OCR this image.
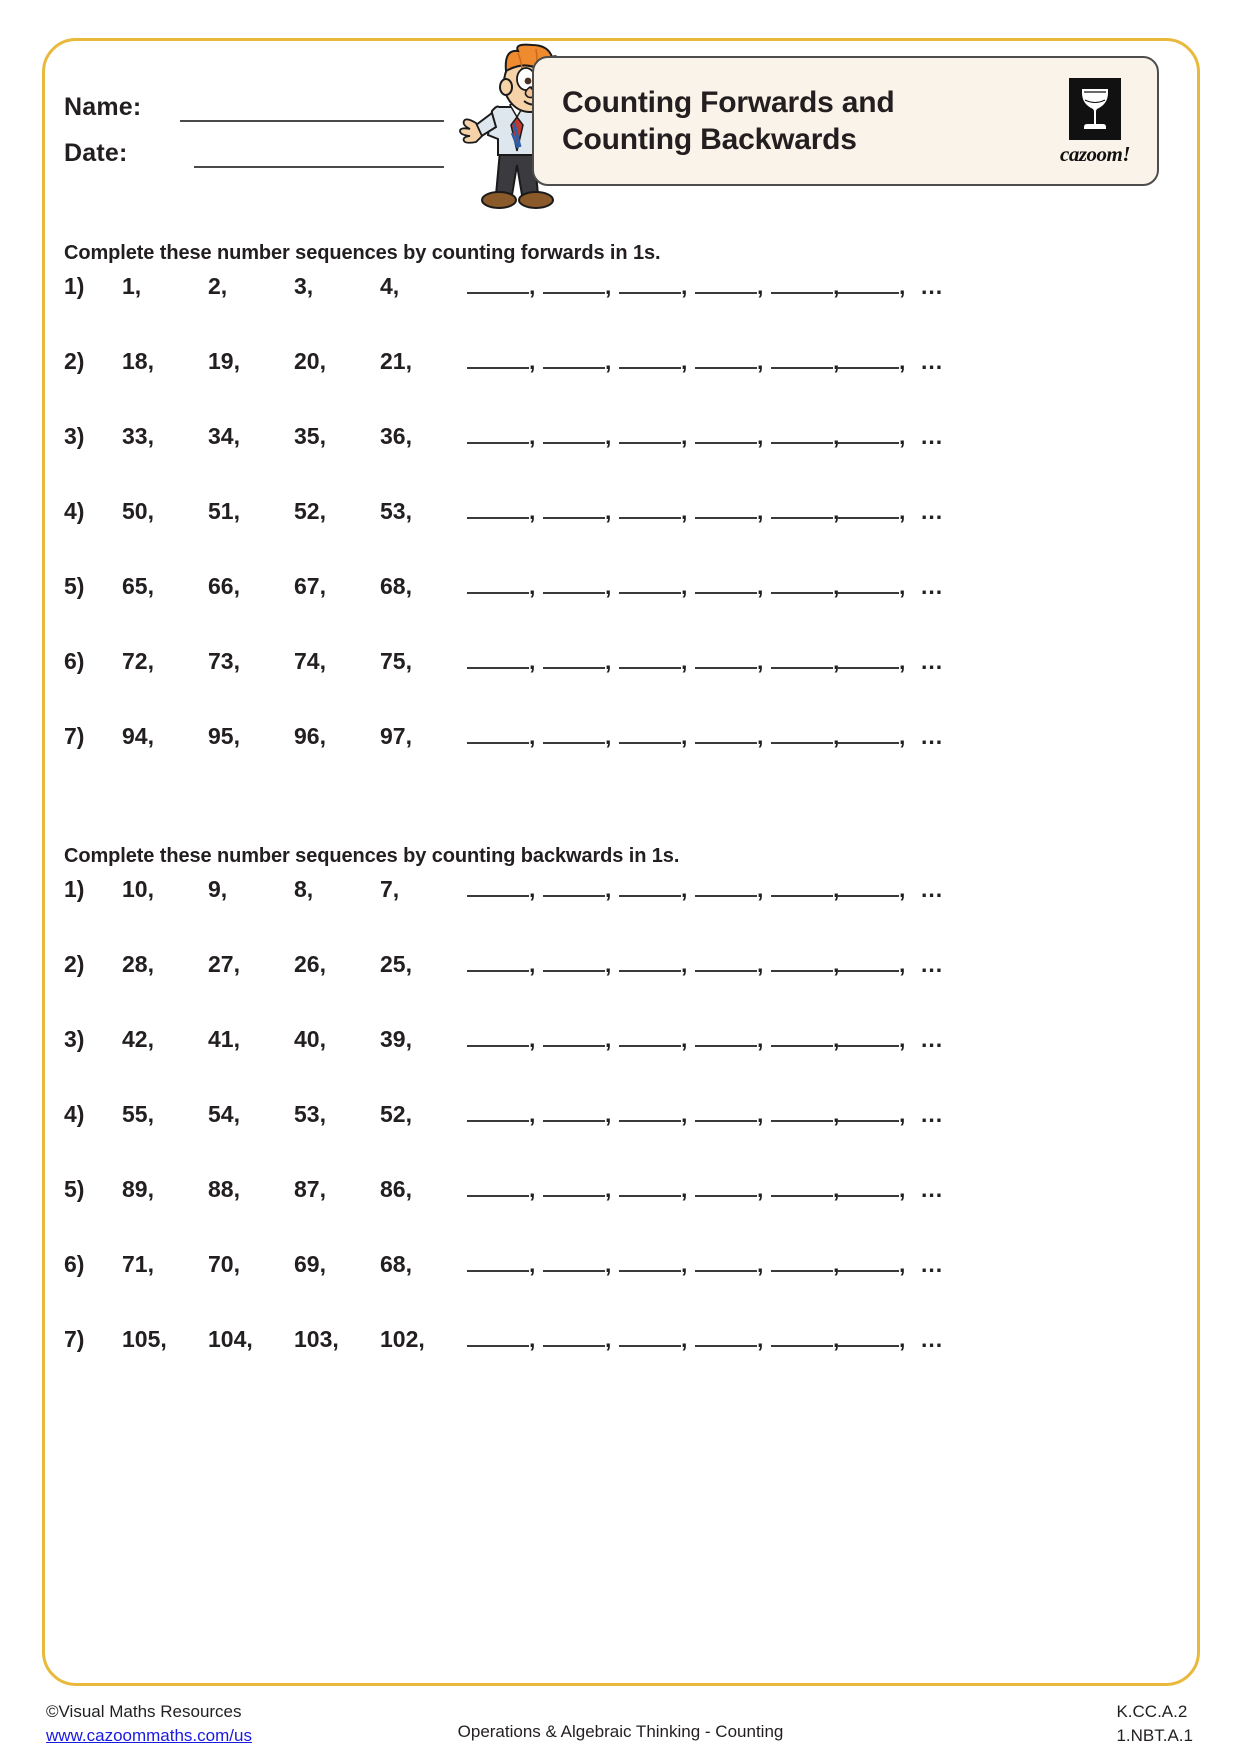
Name:
Date:
Counting Forwards and
Counting Backwards	cazoom!
Complete these number sequences by counting forwards in 1s.
1)	1,	2,	3,	4,	,	,	,	,	,	, ...
2)	18,	19,	20,	21,	,	,	,	,	,	, ...
3)	33,	34,	35,	36,	,	,	,	,	,	, ...
4)	50,	51,	52,	53,	,	,	,	,	,	, ...
5)	65,	66,	67,	68,	,	,	,	,	,	, ...
6)	72,	73,	74,	75,	,	,	,	,	,	, ...
7)	94,	95,	96,	97,	,	,	,	,	,	, ...
Complete these number sequences by counting backwards in 1s.
1)	10,	9,	8,	7,	,	,	,	,	,	, ...
2)	28,	27,	26,	25,	,	,	,	,	,	, ...
3)	42,	41,	40,	39,	,	,	,	,	,	, ...
4)	55,	54,	53,	52,	,	,	,	,	,	, ...
5)	89,	88,	87,	86,	,	,	,	,	,	, ...
6)	71,	70,	69,	68,	,	,	,	,	,	, ...
7)	105,	104,	103,	102,	,	,	,	,	,	, ...
©Visual Maths Resources
www.cazoommaths.com/us	Operations & Algebraic Thinking - Counting
K.CC.A.2
1.NBT.A.1
